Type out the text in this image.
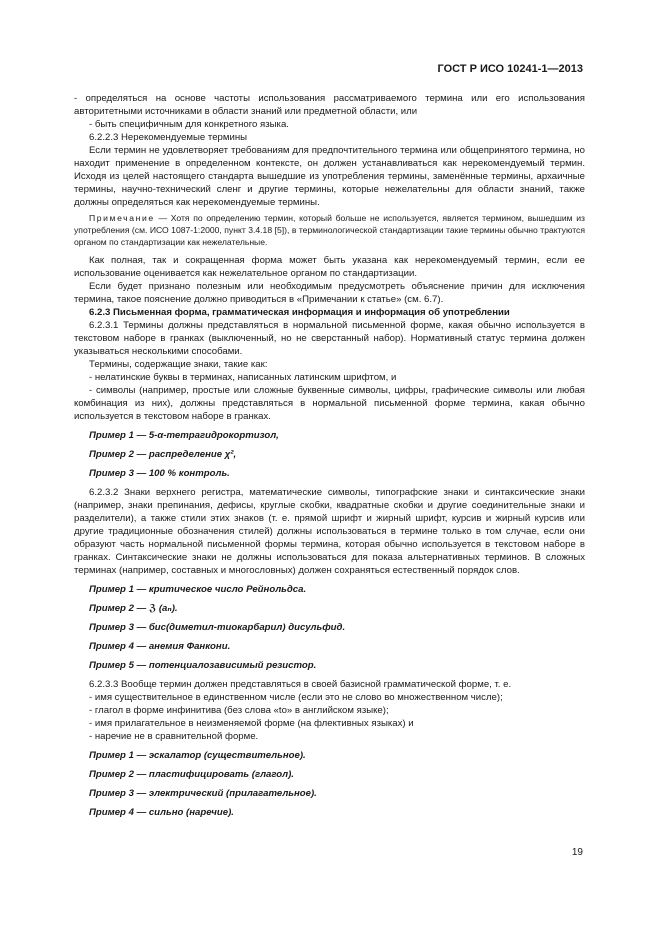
ГОСТ Р ИСО 10241-1—2013

- определяться на основе частоты использования рассматриваемого термина или его использования авторитетными источниками в области знаний или предметной области, или

- быть специфичным для конкретного языка.

6.2.2.3 Нерекомендуемые термины

Если термин не удовлетворяет требованиям для предпочтительного термина или общепринятого термина, но находит применение в определенном контексте, он должен устанавливаться как нерекомендуемый термин. Исходя из целей настоящего стандарта вышедшие из употребления термины, заменённые термины, архаичные термины, научно-технический сленг и другие термины, которые нежелательны для области знаний, также должны определяться как нерекомендуемые термины.

Примечание — Хотя по определению термин, который больше не используется, является термином, вышедшим из употребления (см. ИСО 1087-1:2000, пункт 3.4.18 [5]), в терминологической стандартизации такие термины обычно трактуются органом по стандартизации как нежелательные.

Как полная, так и сокращенная форма может быть указана как нерекомендуемый термин, если ее использование оценивается как нежелательное органом по стандартизации.

Если будет признано полезным или необходимым предусмотреть объяснение причин для исключения термина, такое пояснение должно приводиться в «Примечании к статье» (см. 6.7).

6.2.3 Письменная форма, грамматическая информация и информация об употреблении

6.2.3.1 Термины должны представляться в нормальной письменной форме, какая обычно используется в текстовом наборе в гранках (выключенный, но не сверстанный набор). Нормативный статус термина должен указываться несколькими способами.

Термины, содержащие знаки, такие как:

- нелатинские буквы в терминах, написанных латинским шрифтом, и

- символы (например, простые или сложные буквенные символы, цифры, графические символы или любая комбинация из них), должны представляться в нормальной письменной форме термина, какая обычно используется в текстовом наборе в гранках.

Пример 1 — 5-α-тетрагидрокортизол,

Пример 2 — распределение χ²,

Пример 3 — 100 % контроль.

6.2.3.2 Знаки верхнего регистра, математические символы, типографские знаки и синтаксические знаки (например, знаки препинания, дефисы, круглые скобки, квадратные скобки и другие соединительные знаки и разделители), а также стили этих знаков (т. е. прямой шрифт и жирный шрифт, курсив и жирный курсив или другие традиционные обозначения стилей) должны использоваться в термине только в том случае, если они образуют часть нормальной письменной формы термина, которая обычно используется в текстовом наборе в гранках. Синтаксические знаки не должны использоваться для показа альтернативных терминов. В сложных терминах (например, составных и многословных) должен сохраняться естественный порядок слов.

Пример 1 — критическое число Рейнольдса.

Пример 2 — ℨ (aₙ).

Пример 3 — бис(диметил-тиокарбарил) дисульфид.

Пример 4 — анемия Фанкони.

Пример 5 — потенциалозависимый резистор.

6.2.3.3 Вообще термин должен представляться в своей базисной грамматической форме, т. е.

- имя существительное в единственном числе (если это не слово во множественном числе);

- глагол в форме инфинитива (без слова «to» в английском языке);

- имя прилагательное в неизменяемой форме (на флективных языках) и

- наречие не в сравнительной форме.

Пример 1 — эскалатор (существительное).

Пример 2 — пластифицировать (глагол).

Пример 3 — электрический (прилагательное).

Пример 4 — сильно (наречие).

19
